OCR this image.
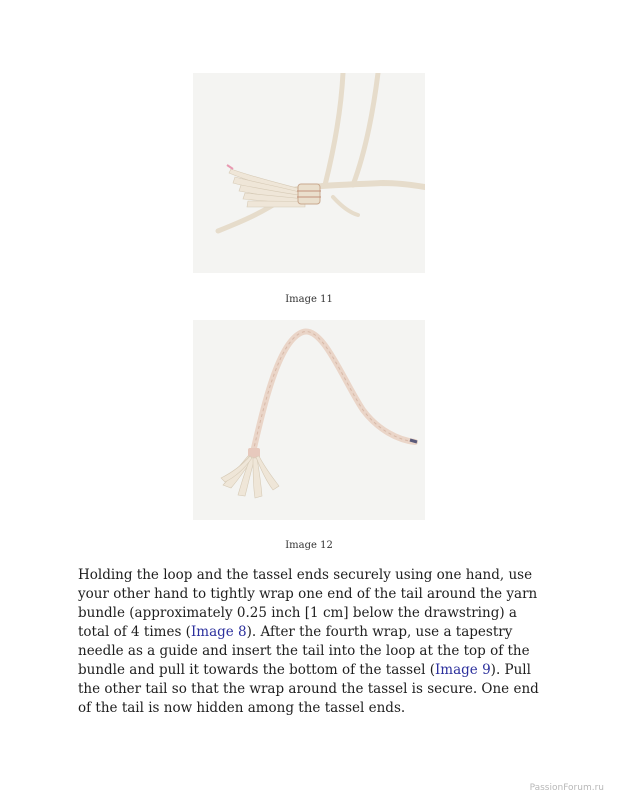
Image 11
Image 12

Holding the loop and the tassel ends securely using one hand, use your other hand to tightly wrap one end of the tail around the yarn bundle (approximately 0.25 inch [1 cm] below the drawstring) a total of 4 times (Image 8). After the fourth wrap, use a tapestry needle as a guide and insert the tail into the loop at the top of the bundle and pull it towards the bottom of the tassel (Image 9). Pull the other tail so that the wrap around the tassel is secure. One end of the tail is now hidden among the tassel ends.

PassionForum.ru
